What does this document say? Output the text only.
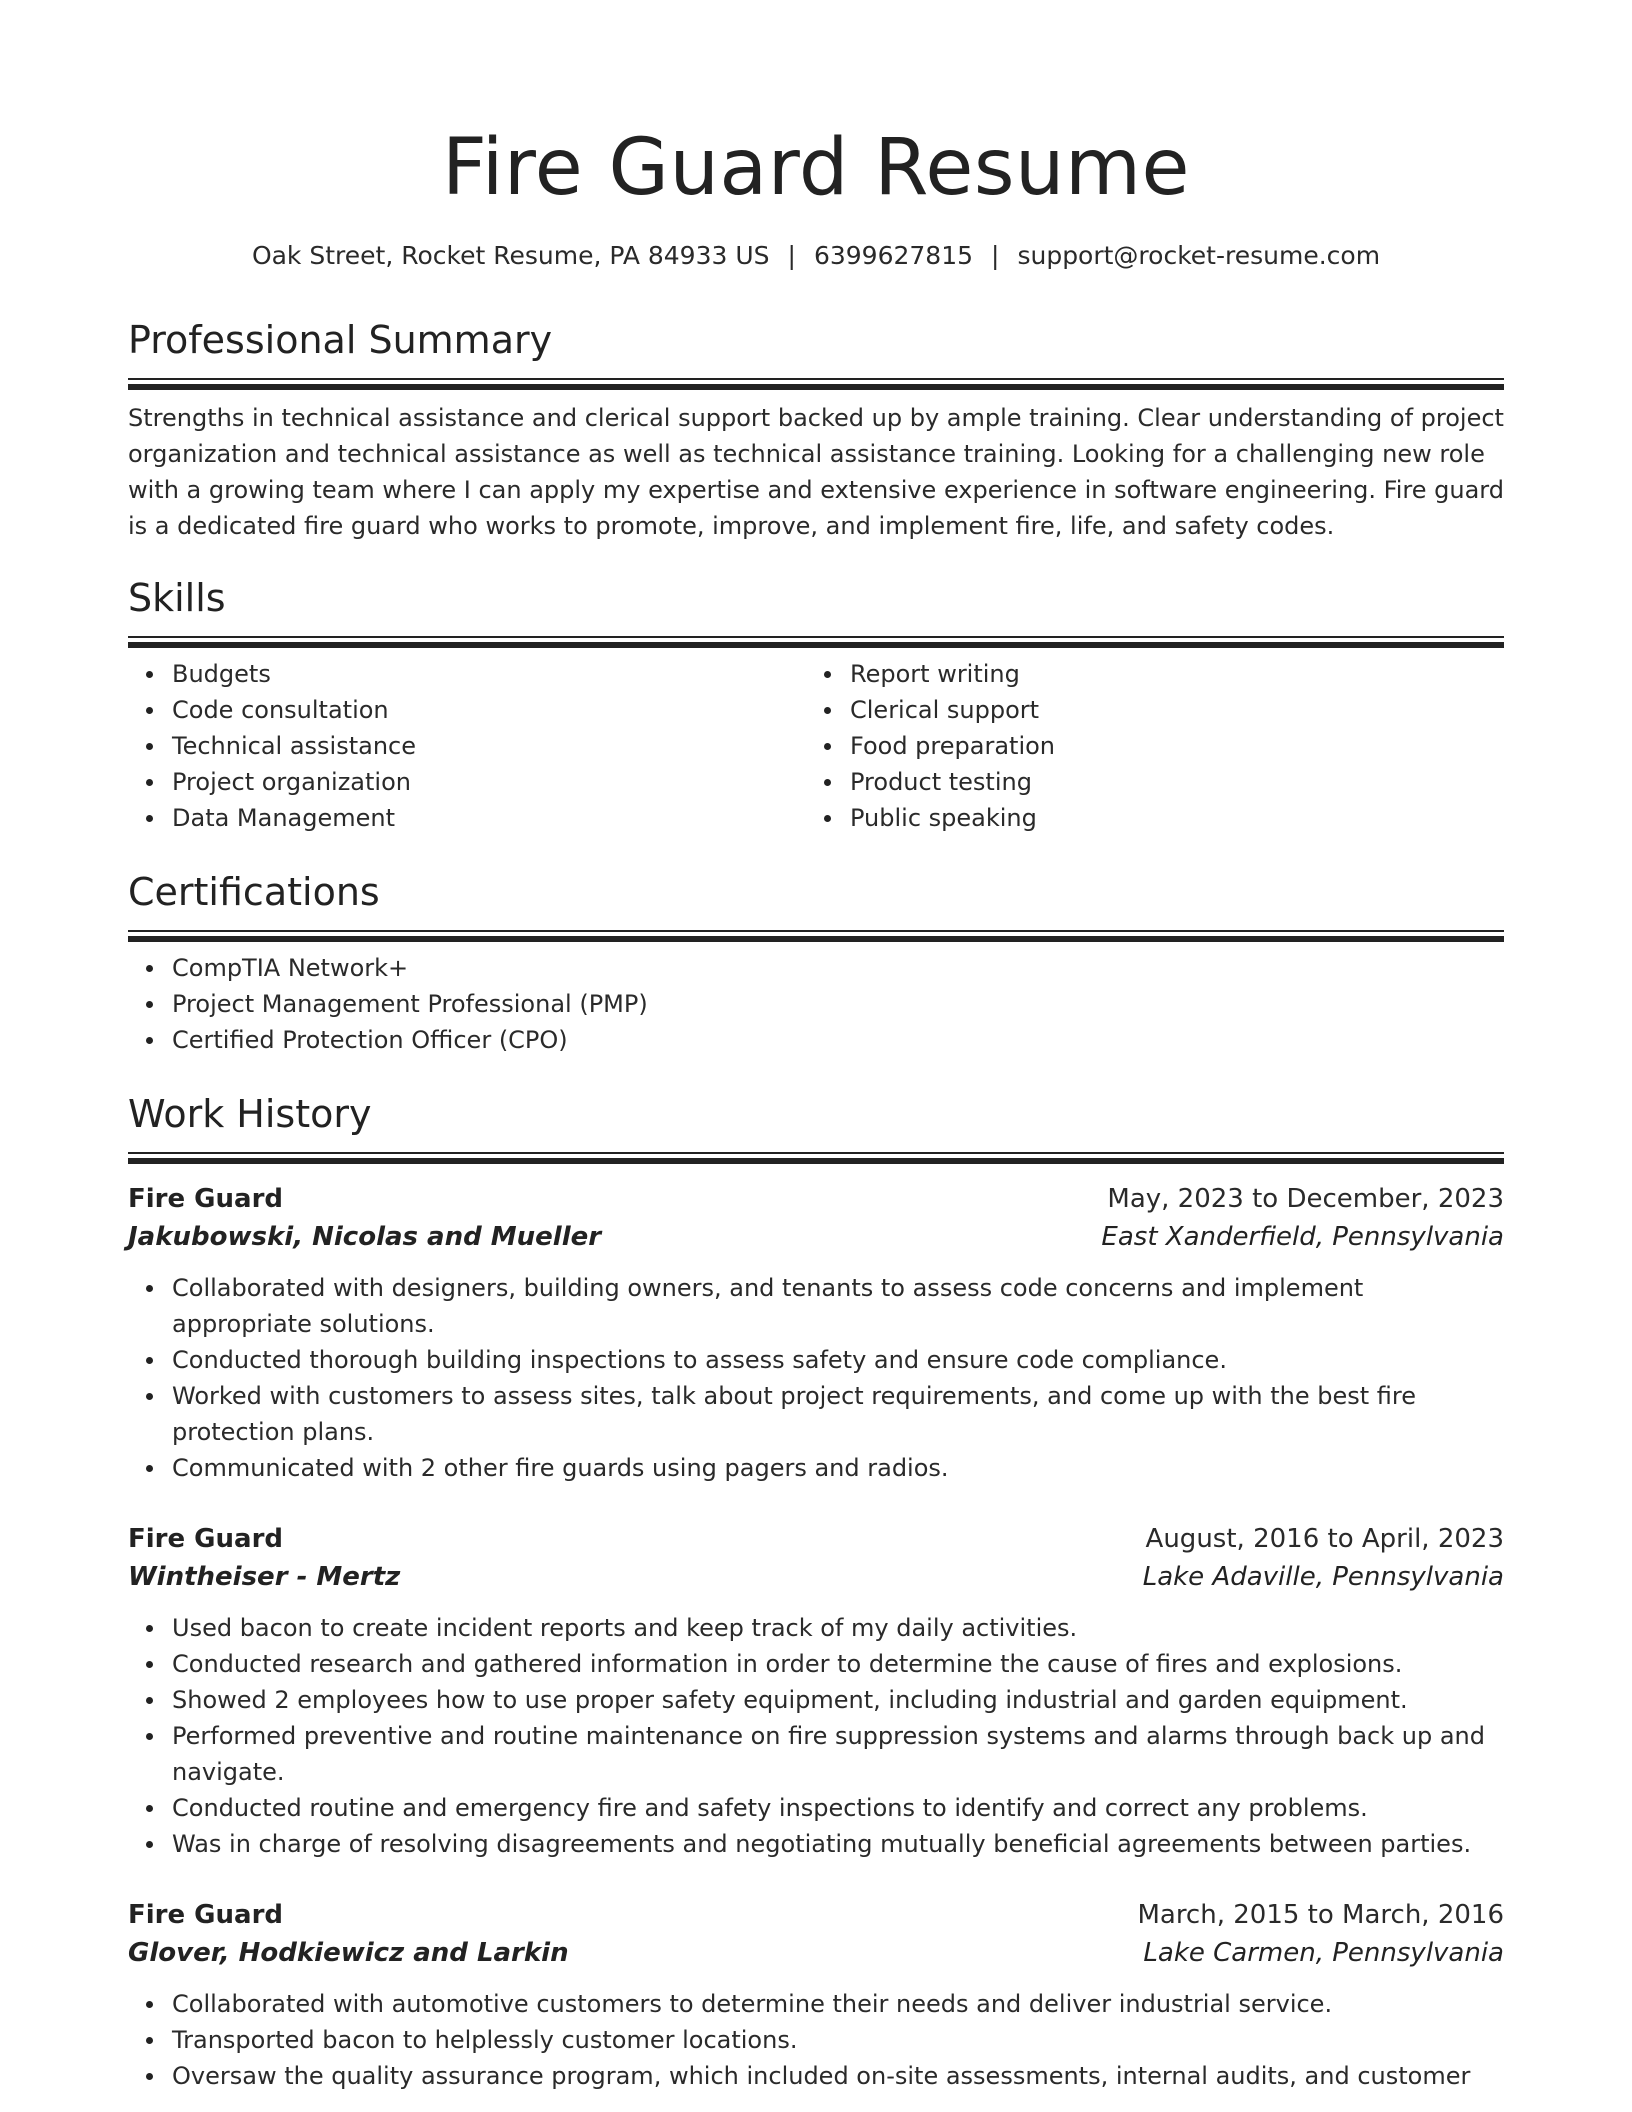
Fire Guard Resume
Oak Street, Rocket Resume, PA 84933 US | 6399627815 | support@rocket-resume.com
Professional Summary

Strengths in technical assistance and clerical support backed up by ample training. Clear understanding of project organization and technical assistance as well as technical assistance training. Looking for a challenging new role with a growing team where I can apply my expertise and extensive experience in software engineering. Fire guard is a dedicated fire guard who works to promote, improve, and implement fire, life, and safety codes.

Skills
Budgets
Code consultation
Technical assistance
Project organization
Data Management
Report writing
Clerical support
Food preparation
Product testing
Public speaking
Certifications
CompTIA Network+
Project Management Professional (PMP)
Certified Protection Officer (CPO)
Work History
Fire Guard	May, 2023 to December, 2023
Jakubowski, Nicolas and Mueller	East Xanderfield, Pennsylvania
Collaborated with designers, building owners, and tenants to assess code concerns and implement appropriate solutions.
Conducted thorough building inspections to assess safety and ensure code compliance.
Worked with customers to assess sites, talk about project requirements, and come up with the best fire protection plans.
Communicated with 2 other fire guards using pagers and radios.
Fire Guard	August, 2016 to April, 2023
Wintheiser - Mertz	Lake Adaville, Pennsylvania
Used bacon to create incident reports and keep track of my daily activities.
Conducted research and gathered information in order to determine the cause of fires and explosions.
Showed 2 employees how to use proper safety equipment, including industrial and garden equipment.
Performed preventive and routine maintenance on fire suppression systems and alarms through back up and navigate.
Conducted routine and emergency fire and safety inspections to identify and correct any problems.
Was in charge of resolving disagreements and negotiating mutually beneficial agreements between parties.
Fire Guard	March, 2015 to March, 2016
Glover, Hodkiewicz and Larkin	Lake Carmen, Pennsylvania
Collaborated with automotive customers to determine their needs and deliver industrial service.
Transported bacon to helplessly customer locations.
Oversaw the quality assurance program, which included on-site assessments, internal audits, and customer
